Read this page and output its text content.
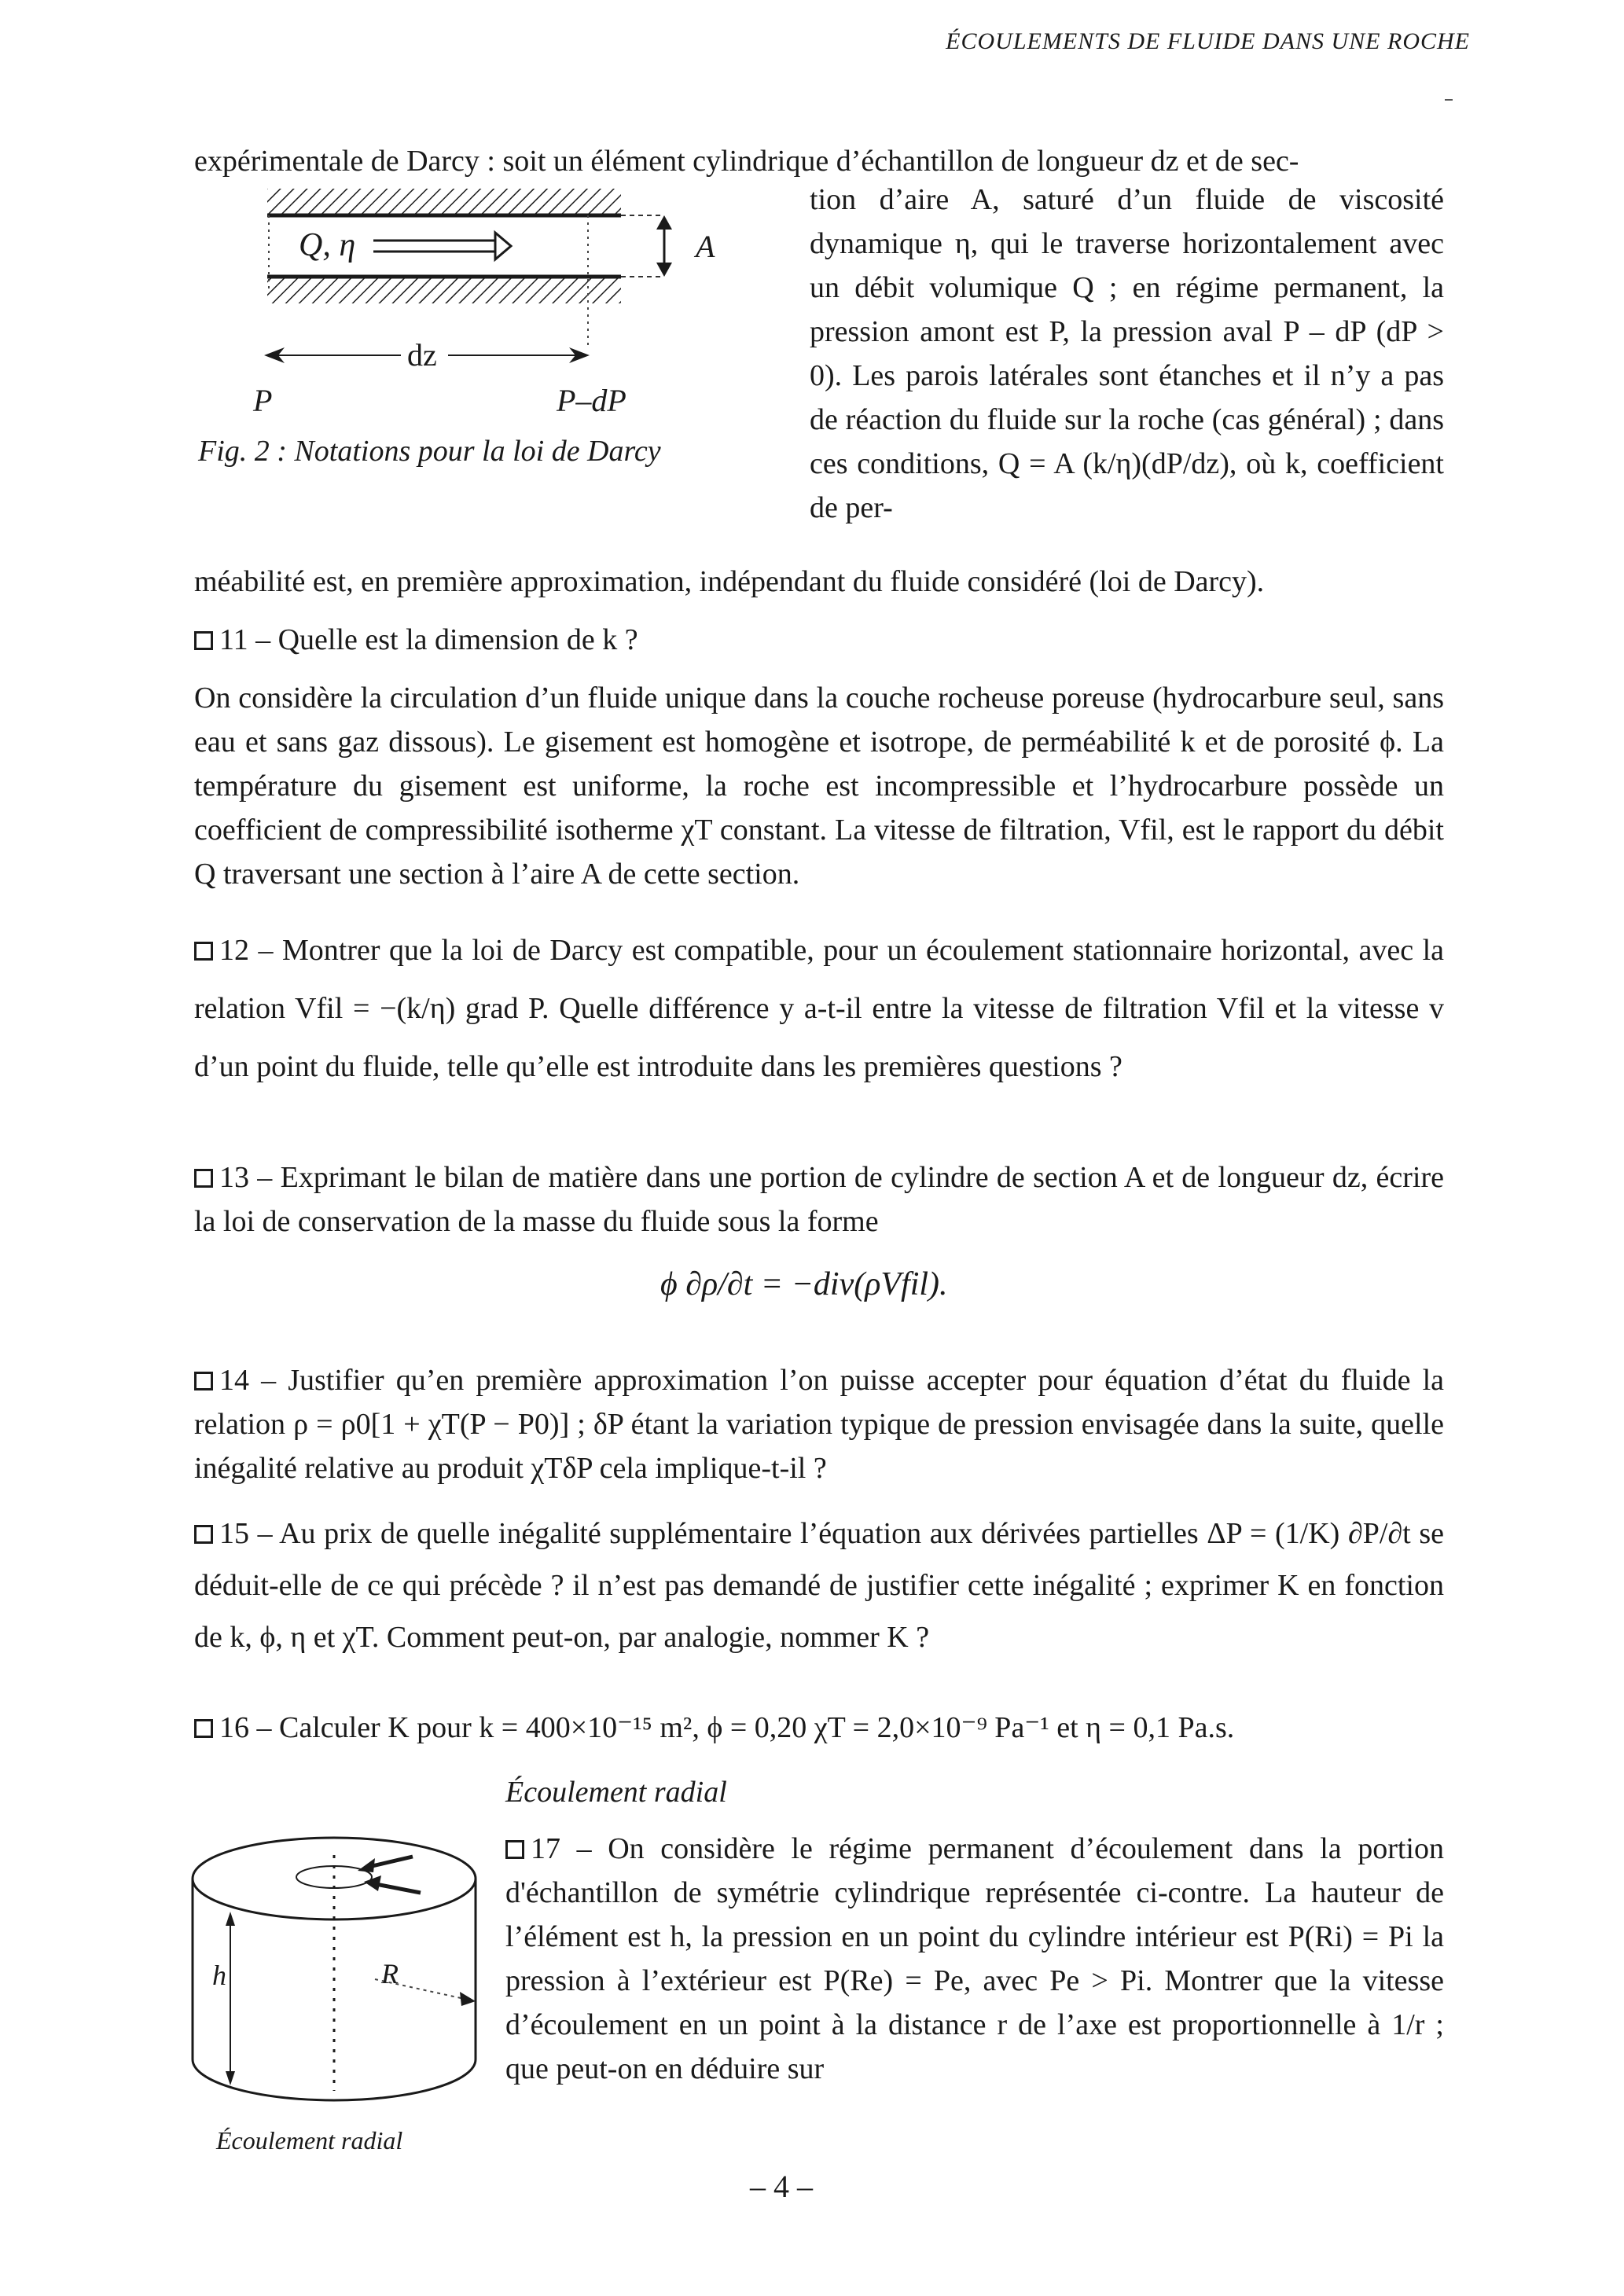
ÉCOULEMENTS DE FLUIDE DANS UNE ROCHE
expérimentale de Darcy : soit un élément cylindrique d’échantillon de longueur dz et de sec-
Q, η	A
dz
P	P–dP
Fig. 2 : Notations pour la loi de Darcy
tion d’aire A, saturé d’un fluide de viscosité dynamique η, qui le traverse horizontalement avec un débit volumique Q ; en régime permanent, la pression amont est P, la pression aval P – dP (dP > 0). Les parois latérales sont étanches et il n’y a pas de réaction du fluide sur la roche (cas général) ; dans ces conditions, Q = A (k/η)(dP/dz), où k, coefficient de per-
méabilité est, en première approximation, indépendant du fluide considéré (loi de Darcy).
11 – Quelle est la dimension de k ?
On considère la circulation d’un fluide unique dans la couche rocheuse poreuse (hydrocarbure seul, sans eau et sans gaz dissous). Le gisement est homogène et isotrope, de perméabilité k et de porosité ϕ. La température du gisement est uniforme, la roche est incompressible et l’hydrocarbure possède un coefficient de compressibilité isotherme χT constant. La vitesse de filtration, Vfil, est le rapport du débit Q traversant une section à l’aire A de cette section.
12 – Montrer que la loi de Darcy est compatible, pour un écoulement stationnaire horizontal, avec la relation Vfil = −(k/η) grad P. Quelle différence y a-t-il entre la vitesse de filtration Vfil et la vitesse v d’un point du fluide, telle qu’elle est introduite dans les premières questions ?
13 – Exprimant le bilan de matière dans une portion de cylindre de section A et de longueur dz, écrire la loi de conservation de la masse du fluide sous la forme
ϕ ∂ρ/∂t = −div(ρVfil).
14 – Justifier qu’en première approximation l’on puisse accepter pour équation d’état du fluide la relation ρ = ρ0[1 + χT(P − P0)] ; δP étant la variation typique de pression envisagée dans la suite, quelle inégalité relative au produit χTδP cela implique-t-il ?
15 – Au prix de quelle inégalité supplémentaire l’équation aux dérivées partielles ΔP = (1/K) ∂P/∂t se déduit-elle de ce qui précède ? il n’est pas demandé de justifier cette inégalité ; exprimer K en fonction de k, ϕ, η et χT. Comment peut-on, par analogie, nommer K ?
16 – Calculer K pour k = 400×10⁻¹⁵ m², ϕ = 0,20 χT = 2,0×10⁻⁹ Pa⁻¹ et η = 0,1 Pa.s.
Écoulement radial
h	R
Écoulement radial
17 – On considère le régime permanent d’écoulement dans la portion d'échantillon de symétrie cylindrique représentée ci-contre. La hauteur de l’élément est h, la pression en un point du cylindre intérieur est P(Ri) = Pi la pression à l’extérieur est P(Re) = Pe, avec Pe > Pi. Montrer que la vitesse d’écoulement en un point à la distance r de l’axe est proportionnelle à 1/r ; que peut-on en déduire sur
– 4 –
